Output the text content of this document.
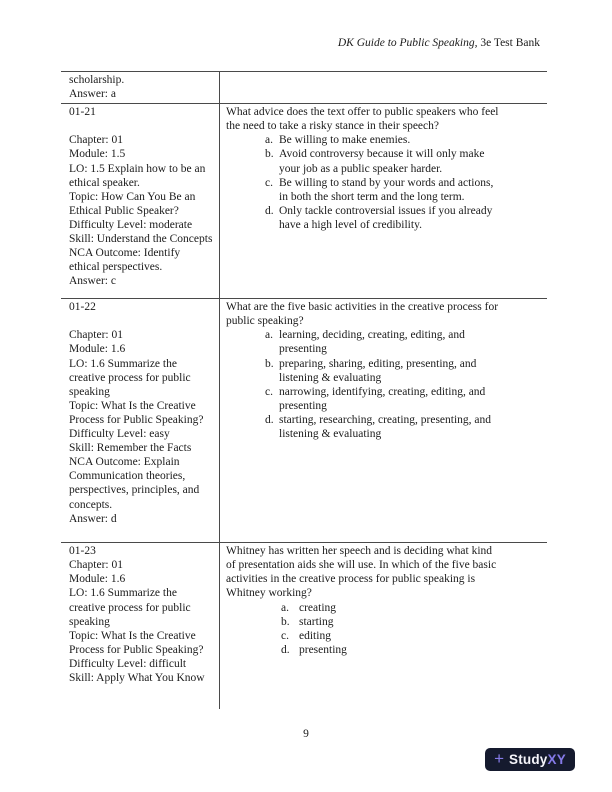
DK Guide to Public Speaking, 3e Test Bank
scholarship.
Answer: a
01-21
Chapter: 01
Module: 1.5
LO: 1.5 Explain how to be an ethical speaker.
Topic: How Can You Be an Ethical Public Speaker?
Difficulty Level: moderate
Skill: Understand the Concepts
NCA Outcome: Identify ethical perspectives.
Answer: c
What advice does the text offer to public speakers who feel the need to take a risky stance in their speech?
a. Be willing to make enemies.
b. Avoid controversy because it will only make your job as a public speaker harder.
c. Be willing to stand by your words and actions, in both the short term and the long term.
d. Only tackle controversial issues if you already have a high level of credibility.
01-22
Chapter: 01
Module: 1.6
LO: 1.6 Summarize the creative process for public speaking
Topic: What Is the Creative Process for Public Speaking?
Difficulty Level: easy
Skill: Remember the Facts
NCA Outcome: Explain Communication theories, perspectives, principles, and concepts.
Answer: d
What are the five basic activities in the creative process for public speaking?
a. learning, deciding, creating, editing, and presenting
b. preparing, sharing, editing, presenting, and listening & evaluating
c. narrowing, identifying, creating, editing, and presenting
d. starting, researching, creating, presenting, and listening & evaluating
01-23
Chapter: 01
Module: 1.6
LO: 1.6 Summarize the creative process for public speaking
Topic: What Is the Creative Process for Public Speaking?
Difficulty Level: difficult
Skill: Apply What You Know
Whitney has written her speech and is deciding what kind of presentation aids she will use. In which of the five basic activities in the creative process for public speaking is Whitney working?
a. creating
b. starting
c. editing
d. presenting
9
+ Study XY
